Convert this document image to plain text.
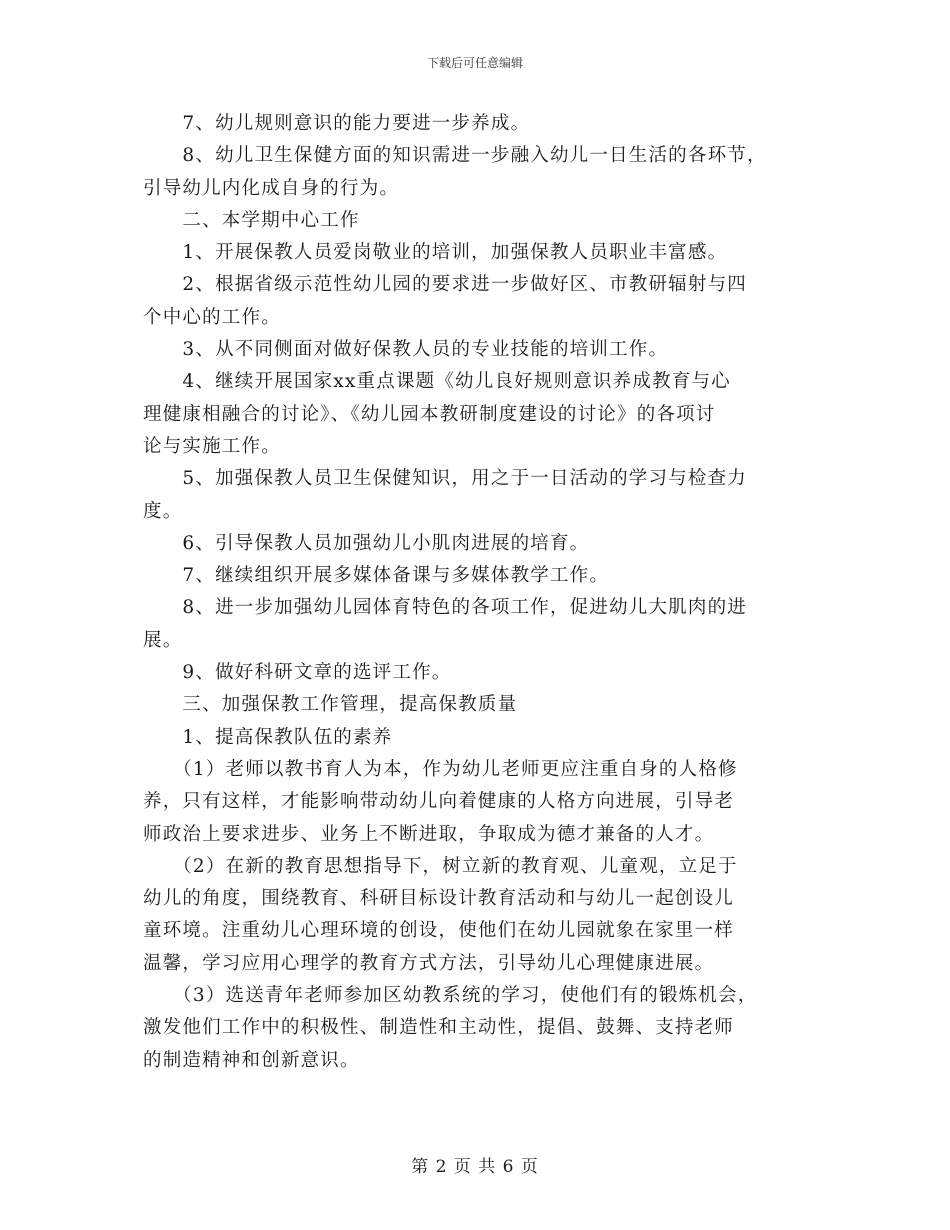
下载后可任意编辑
　　7、幼儿规则意识的能力要进一步养成。
　　8、幼儿卫生保健方面的知识需进一步融入幼儿一日生活的各环节，
引导幼儿内化成自身的行为。
　　二、本学期中心工作
　　1、开展保教人员爱岗敬业的培训，加强保教人员职业丰富感。
　　2、根据省级示范性幼儿园的要求进一步做好区、市教研辐射与四
个中心的工作。
　　3、从不同侧面对做好保教人员的专业技能的培训工作。
　　4、继续开展国家xx重点课题《幼儿良好规则意识养成教育与心
理健康相融合的讨论》、《幼儿园本教研制度建设的讨论》的各项讨
论与实施工作。
　　5、加强保教人员卫生保健知识，用之于一日活动的学习与检查力
度。
　　6、引导保教人员加强幼儿小肌肉进展的培育。
　　7、继续组织开展多媒体备课与多媒体教学工作。
　　8、进一步加强幼儿园体育特色的各项工作，促进幼儿大肌肉的进
展。
　　9、做好科研文章的选评工作。
　　三、加强保教工作管理，提高保教质量
　　1、提高保教队伍的素养
　　（1）老师以教书育人为本，作为幼儿老师更应注重自身的人格修
养，只有这样，才能影响带动幼儿向着健康的人格方向进展，引导老
师政治上要求进步、业务上不断进取，争取成为德才兼备的人才。
　　（2）在新的教育思想指导下，树立新的教育观、儿童观，立足于
幼儿的角度，围绕教育、科研目标设计教育活动和与幼儿一起创设儿
童环境。注重幼儿心理环境的创设，使他们在幼儿园就象在家里一样
温馨，学习应用心理学的教育方式方法，引导幼儿心理健康进展。
　　（3）选送青年老师参加区幼教系统的学习，使他们有的锻炼机会，
激发他们工作中的积极性、制造性和主动性，提倡、鼓舞、支持老师
的制造精神和创新意识。
第 2 页 共 6 页
